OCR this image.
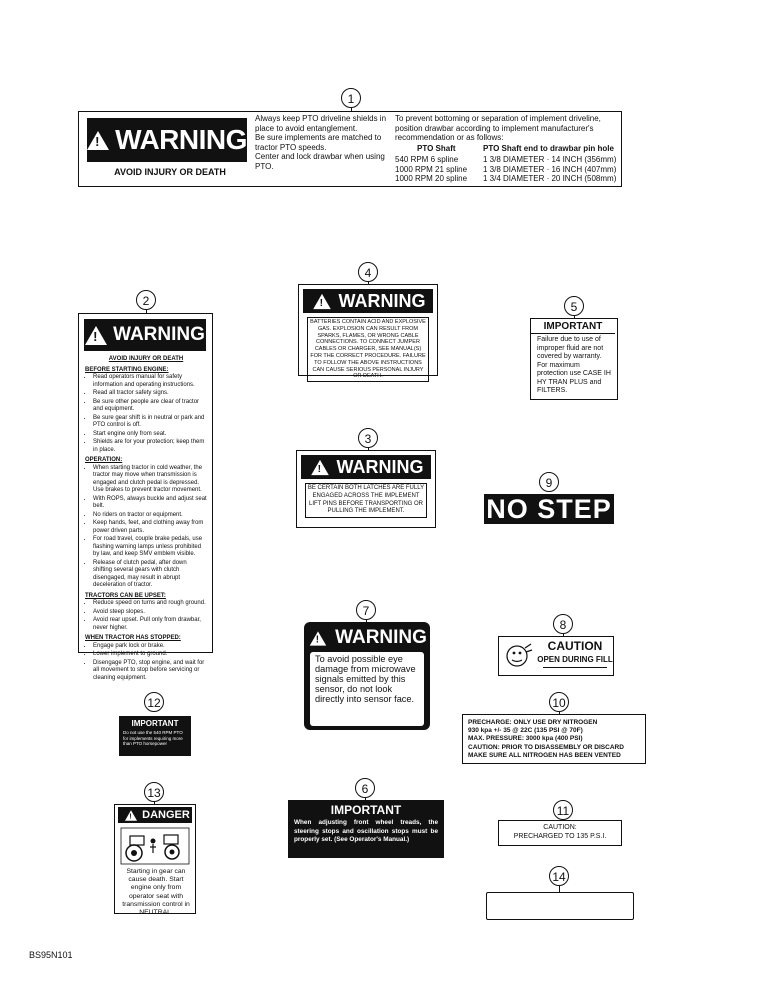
1
!
WARNING
AVOID INJURY OR DEATH
Always keep PTO driveline shields in place to avoid entanglement.
Be sure implements are matched to tractor PTO speeds.
Center and lock drawbar when using PTO.
To prevent bottoming or separation of implement driveline, position drawbar according to implement manufacturer's recommendation or as follows:
PTO Shaft	PTO Shaft end to drawbar pin hole
540 RPM 6 spline	1 3/8 DIAMETER · 14 INCH (356mm)
1000 RPM 21 spline	1 3/8 DIAMETER · 16 INCH (407mm)
1000 RPM 20 spline	1 3/4 DIAMETER · 20 INCH (508mm)
2
!
WARNING
AVOID INJURY OR DEATH
BEFORE STARTING ENGINE:
• Read operators manual for safety information and operating instructions.
• Read all tractor safety signs.
• Be sure other people are clear of tractor and equipment.
• Be sure gear shift is in neutral or park and PTO control is off.
• Start engine only from seat.
• Shields are for your protection; keep them in place.
OPERATION:
• When starting tractor in cold weather, the tractor may move when transmission is engaged and clutch pedal is depressed. Use brakes to prevent tractor movement.
• With ROPS, always buckle and adjust seat belt.
• No riders on tractor or equipment.
• Keep hands, feet, and clothing away from power driven parts.
• For road travel, couple brake pedals, use flashing warning lamps unless prohibited by law, and keep SMV emblem visible.
• Release of clutch pedal, after down shifting several gears with clutch disengaged, may result in abrupt deceleration of tractor.
TRACTORS CAN BE UPSET:
• Reduce speed on turns and rough ground.
• Avoid steep slopes.
• Avoid rear upset. Pull only from drawbar, never higher.
WHEN TRACTOR HAS STOPPED:
• Engage park lock or brake.
• Lower implement to ground.
• Disengage PTO, stop engine, and wait for all movement to stop before servicing or cleaning equipment.
4
!
WARNING
BATTERIES CONTAIN ACID AND EXPLOSIVE GAS. EXPLOSION CAN RESULT FROM SPARKS, FLAMES, OR WRONG CABLE CONNECTIONS. TO CONNECT JUMPER CABLES OR CHARGER, SEE MANUAL(S) FOR THE CORRECT PROCEDURE. FAILURE TO FOLLOW THE ABOVE INSTRUCTIONS CAN CAUSE SERIOUS PERSONAL INJURY OR DEATH.
5
IMPORTANT
Failure due to use of improper fluid are not covered by warranty. For maximum protection use CASE IH HY TRAN PLUS and FILTERS.
3
!
WARNING
BE CERTAIN BOTH LATCHES ARE FULLY ENGAGED ACROSS THE IMPLEMENT LIFT PINS BEFORE TRANSPORTING OR PULLING THE IMPLEMENT.
9
NO STEP
7
!
WARNING
To avoid possible eye damage from microwave signals emitted by this sensor, do not look directly into sensor face.
8
CAUTION
OPEN DURING FILL
12
IMPORTANT
Do not use the 540 RPM PTO for implements requiring more than PTO horsepower
10
PRECHARGE: ONLY USE DRY NITROGEN
930 kpa +/- 35 @ 22C (135 PSI @ 70F)
MAX. PRESSURE: 3000 kpa (400 PSI)
CAUTION: PRIOR TO DISASSEMBLY OR DISCARD
MAKE SURE ALL NITROGEN HAS BEEN VENTED
13
!
DANGER
Starting in gear can cause death. Start engine only from operator seat with transmission control in NEUTRAL.
6
IMPORTANT
When adjusting front wheel treads, the steering stops and oscillation stops must be properly set. (See Operator's Manual.)
11
CAUTION:
PRECHARGED TO 135 P.S.I.
14
BS95N101
